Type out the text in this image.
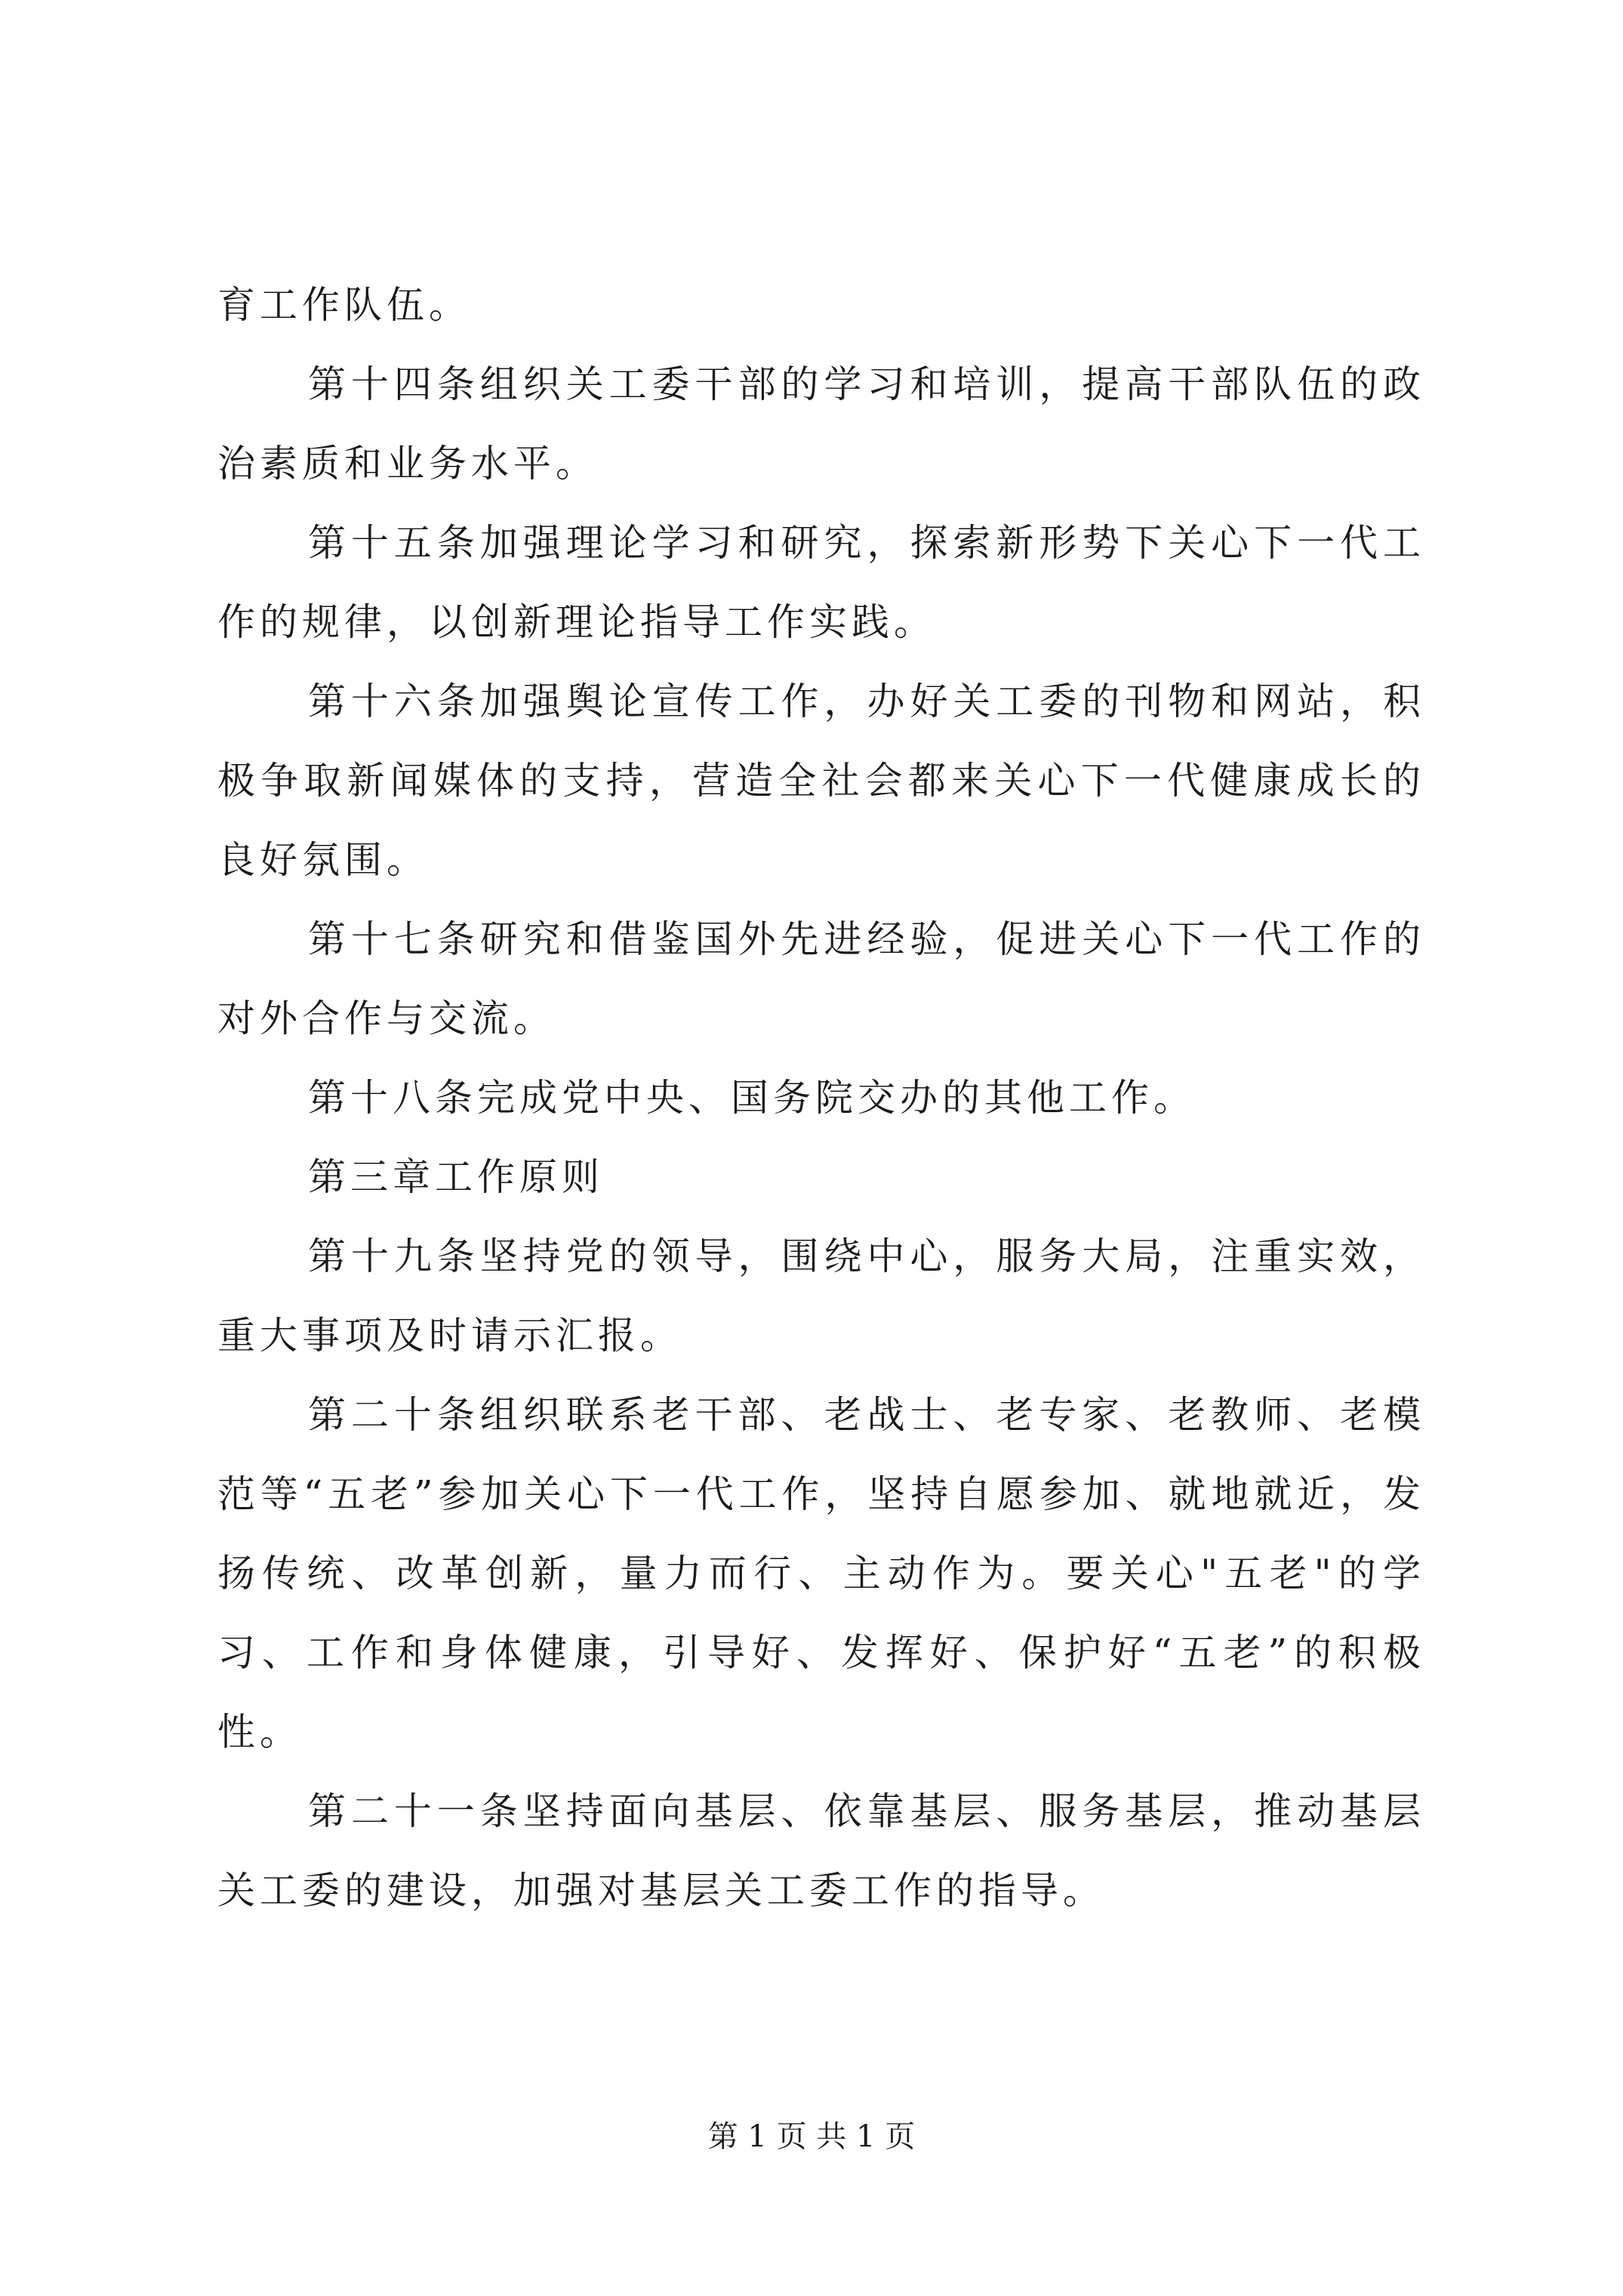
育工作队伍。

第十四条组织关工委干部的学习和培训，提高干部队伍的政治素质和业务水平。

第十五条加强理论学习和研究，探索新形势下关心下一代工作的规律，以创新理论指导工作实践。

第十六条加强舆论宣传工作，办好关工委的刊物和网站，积极争取新闻媒体的支持，营造全社会都来关心下一代健康成长的良好氛围。

第十七条研究和借鉴国外先进经验，促进关心下一代工作的对外合作与交流。

第十八条完成党中央、国务院交办的其他工作。

第三章工作原则

第十九条坚持党的领导，围绕中心，服务大局，注重实效，重大事项及时请示汇报。

第二十条组织联系老干部、老战士、老专家、老教师、老模范等“五老”参加关心下一代工作，坚持自愿参加、就地就近，发扬传统、改革创新，量力而行、主动作为。要关心"五老"的学习、工作和身体健康，引导好、发挥好、保护好“五老”的积极性。

第二十一条坚持面向基层、依靠基层、服务基层，推动基层关工委的建设，加强对基层关工委工作的指导。

第 1 页 共 1 页
